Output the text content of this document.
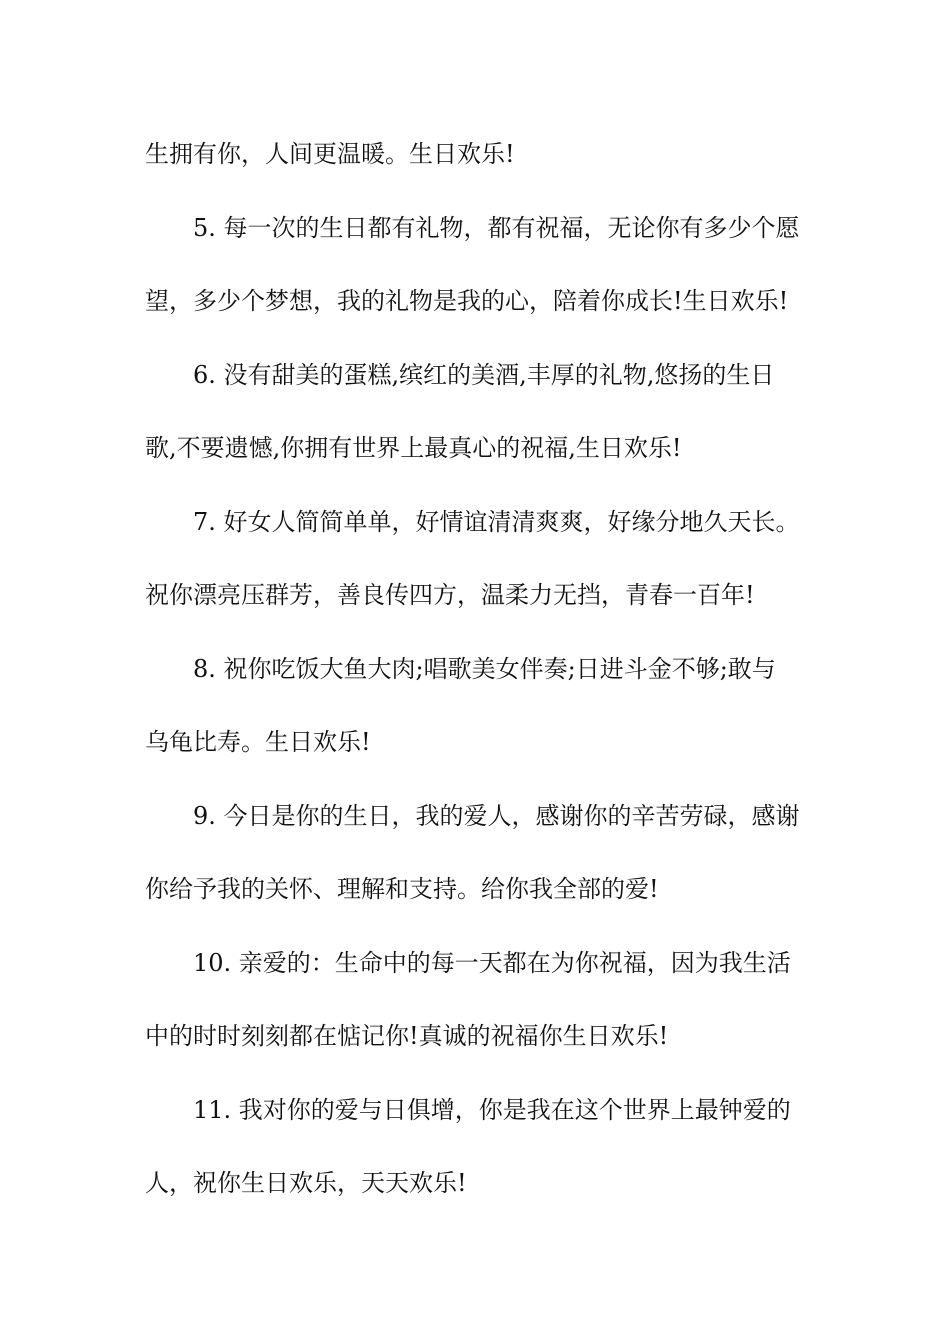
生拥有你，人间更温暖。生日欢乐!
5. 每一次的生日都有礼物，都有祝福，无论你有多少个愿
望，多少个梦想，我的礼物是我的心，陪着你成长!生日欢乐!
6. 没有甜美的蛋糕,缤红的美酒,丰厚的礼物,悠扬的生日
歌,不要遗憾,你拥有世界上最真心的祝福,生日欢乐!
7. 好女人简简单单，好情谊清清爽爽，好缘分地久天长。
祝你漂亮压群芳，善良传四方，温柔力无挡，青春一百年!
8. 祝你吃饭大鱼大肉;唱歌美女伴奏;日进斗金不够;敢与
乌龟比寿。生日欢乐!
9. 今日是你的生日，我的爱人，感谢你的辛苦劳碌，感谢
你给予我的关怀、理解和支持。给你我全部的爱!
10. 亲爱的：生命中的每一天都在为你祝福，因为我生活
中的时时刻刻都在惦记你!真诚的祝福你生日欢乐!
11. 我对你的爱与日俱增，你是我在这个世界上最钟爱的
人，祝你生日欢乐，天天欢乐!
